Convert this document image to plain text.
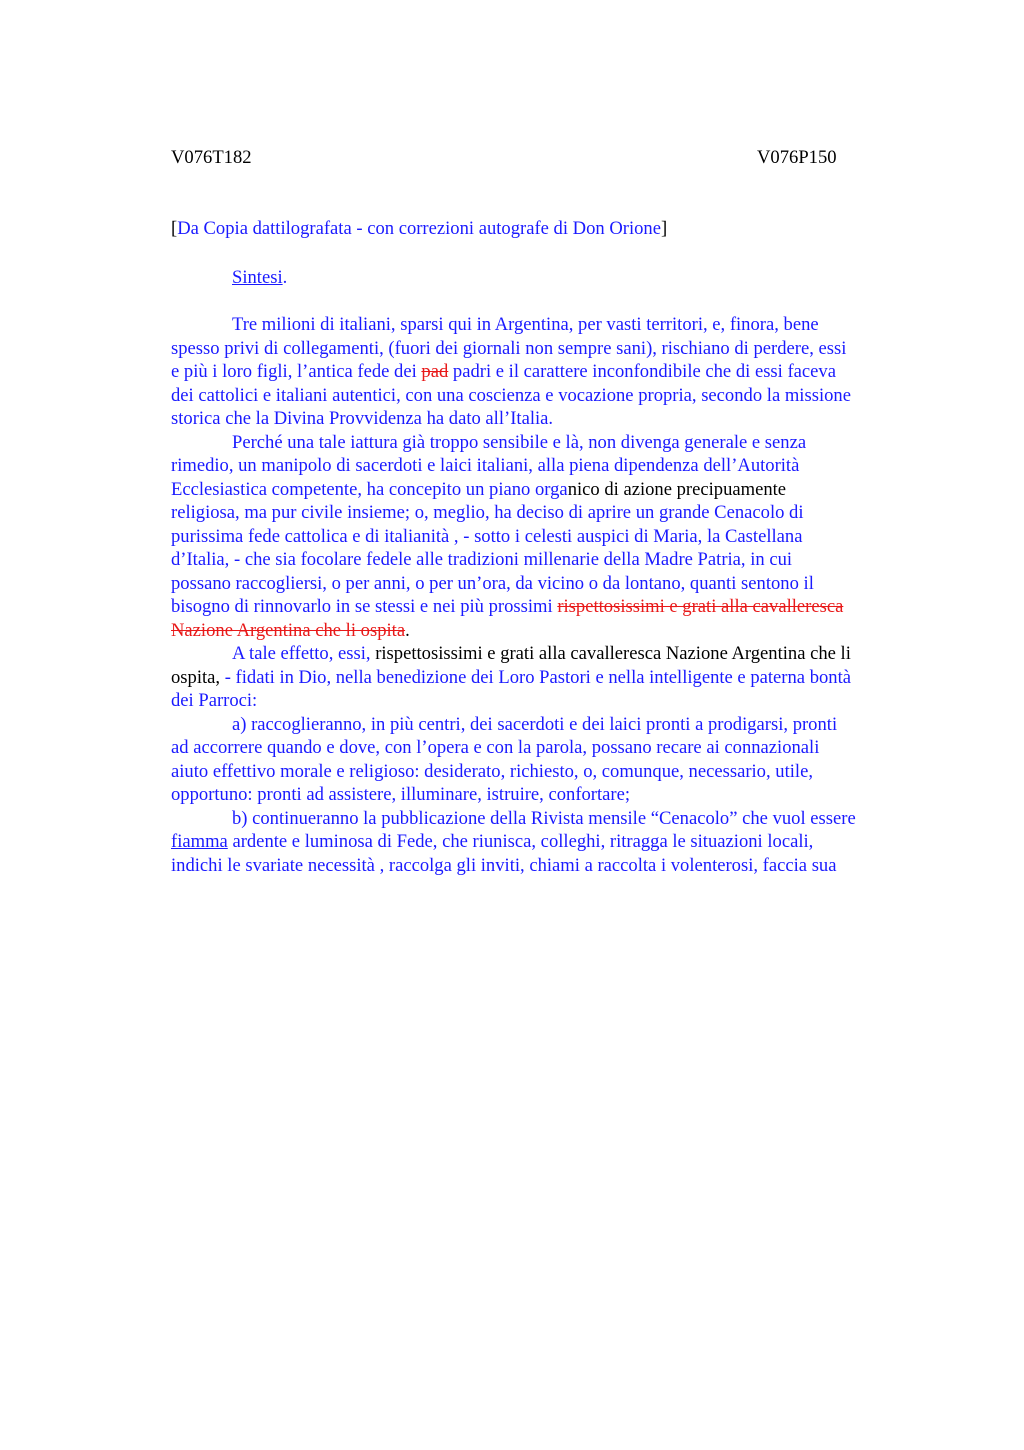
V076T182	V076P150
[Da Copia dattilografata - con correzioni autografe di Don Orione]
Sintesi.
Tre milioni di italiani, sparsi qui in Argentina, per vasti territori, e, finora, bene
spesso privi di collegamenti, (fuori dei giornali non sempre sani), rischiano di perdere, essi
e più i loro figli, l’antica fede dei pad padri e il carattere inconfondibile che di essi faceva
dei cattolici e italiani autentici, con una coscienza e vocazione propria, secondo la missione
storica che la Divina Provvidenza ha dato all’Italia.
Perché una tale iattura già troppo sensibile e là, non divenga generale e senza
rimedio, un manipolo di sacerdoti e laici italiani, alla piena dipendenza dell’Autorità
Ecclesiastica competente, ha concepito un piano organico di azione precipuamente
religiosa, ma pur civile insieme; o, meglio, ha deciso di aprire un grande Cenacolo di
purissima fede cattolica e di italianità , - sotto i celesti auspici di Maria, la Castellana
d’Italia, - che sia focolare fedele alle tradizioni millenarie della Madre Patria, in cui
possano raccogliersi, o per anni, o per un’ora, da vicino o da lontano, quanti sentono il
bisogno di rinnovarlo in se stessi e nei più prossimi rispettosissimi e grati alla cavalleresca
Nazione Argentina che li ospita.
A tale effetto, essi, rispettosissimi e grati alla cavalleresca Nazione Argentina che li
ospita, - fidati in Dio, nella benedizione dei Loro Pastori e nella intelligente e paterna bontà
dei Parroci:
a) raccoglieranno, in più centri, dei sacerdoti e dei laici pronti a prodigarsi, pronti
ad accorrere quando e dove, con l’opera e con la parola, possano recare ai connazionali
aiuto effettivo morale e religioso: desiderato, richiesto, o, comunque, necessario, utile,
opportuno: pronti ad assistere, illuminare, istruire, confortare;
b) continueranno la pubblicazione della Rivista mensile “Cenacolo” che vuol essere
fiamma ardente e luminosa di Fede, che riunisca, colleghi, ritragga le situazioni locali,
indichi le svariate necessità , raccolga gli inviti, chiami a raccolta i volenterosi, faccia sua
